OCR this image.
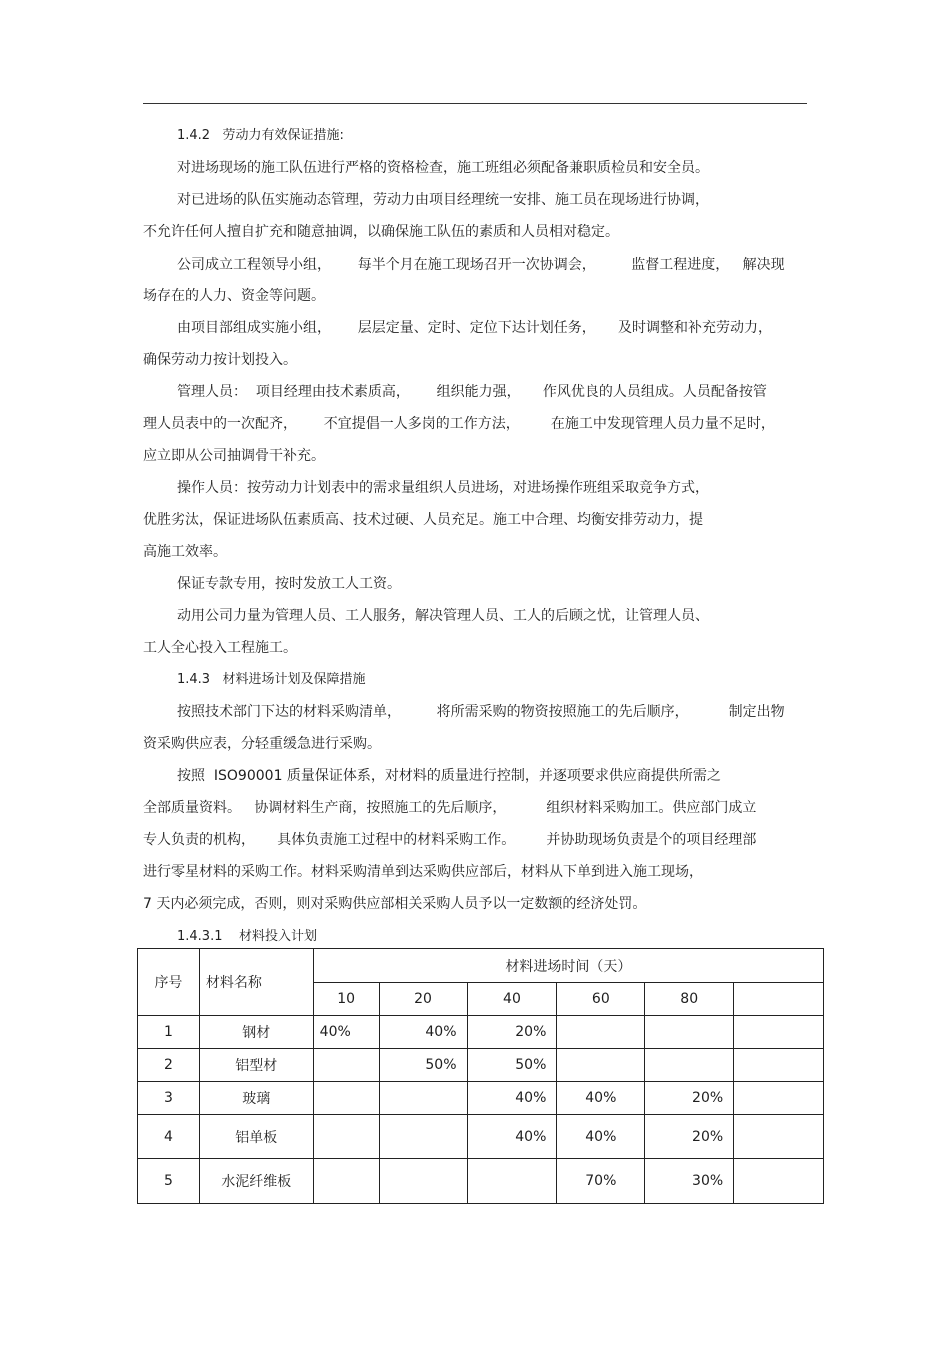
1.4.2   劳动力有效保证措施:
对进场现场的施工队伍进行严格的资格检查，施工班组必须配备兼职质检员和安全员。
对已进场的队伍实施动态管理，劳动力由项目经理统一安排、施工员在现场进行协调，
不允许任何人擅自扩充和随意抽调，以确保施工队伍的素质和人员相对稳定。
公司成立工程领导小组，      每半个月在施工现场召开一次协调会，        监督工程进度，   解决现
场存在的人力、资金等问题。
由项目部组成实施小组，      层层定量、定时、定位下达计划任务，     及时调整和补充劳动力，
确保劳动力按计划投入。
管理人员：  项目经理由技术素质高，      组织能力强，     作风优良的人员组成。人员配备按管
理人员表中的一次配齐，      不宜提倡一人多岗的工作方法，       在施工中发现管理人员力量不足时，
应立即从公司抽调骨干补充。
操作人员：按劳动力计划表中的需求量组织人员进场，对进场操作班组采取竞争方式，
优胜劣汰，保证进场队伍素质高、技术过硬、人员充足。施工中合理、均衡安排劳动力，提
高施工效率。
保证专款专用，按时发放工人工资。
动用公司力量为管理人员、工人服务，解决管理人员、工人的后顾之忧，让管理人员、
工人全心投入工程施工。
1.4.3   材料进场计划及保障措施
按照技术部门下达的材料采购清单，        将所需采购的物资按照施工的先后顺序，         制定出物
资采购供应表，分轻重缓急进行采购。
按照  ISO90001 质量保证体系，对材料的质量进行控制，并逐项要求供应商提供所需之
全部质量资料。   协调材料生产商，按照施工的先后顺序，         组织材料采购加工。供应部门成立
专人负责的机构，     具体负责施工过程中的材料采购工作。       并协助现场负责是个的项目经理部
进行零星材料的采购工作。材料采购清单到达采购供应部后，材料从下单到进入施工现场，
7 天内必须完成，否则，则对采购供应部相关采购人员予以一定数额的经济处罚。
1.4.3.1    材料投入计划
序号	材料名称	材料进场时间（天）					
		10	20	40	60	80	
1	钢材	40%	40%	20%			
2	铝型材		50%	50%			
3	玻璃			40%	40%	20%	
4	铝单板			40%	40%	20%	
5	水泥纤维板				70%	30%	
